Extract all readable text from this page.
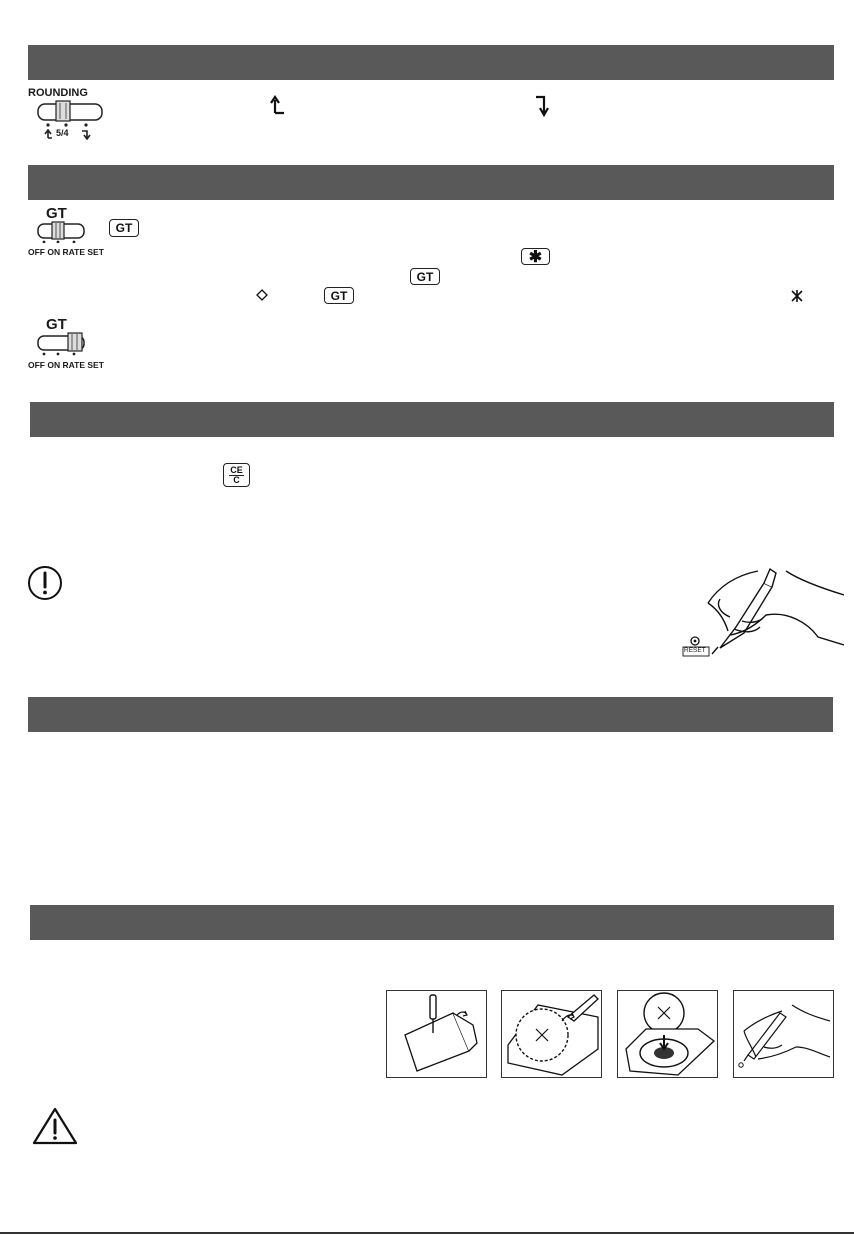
ROUNDING
5/4
GT
OFF ON RATE SET
GT
✱
GT
GT
GT
OFF ON RATE SET
$\frac{CE}{C}$
RESET
